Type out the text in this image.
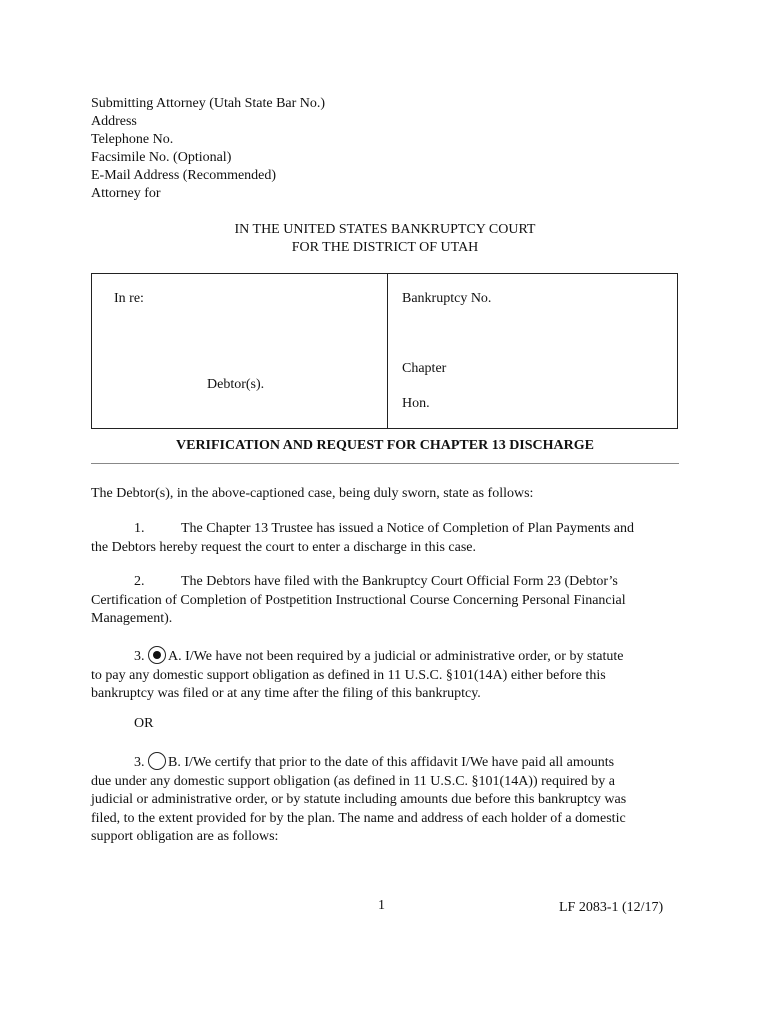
Submitting Attorney (Utah State Bar No.)
Address
Telephone No.
Facsimile No. (Optional)
E-Mail Address (Recommended)
Attorney for
IN THE UNITED STATES BANKRUPTCY COURT
FOR THE DISTRICT OF UTAH
In re:
Debtor(s).
Bankruptcy No.
Chapter
Hon.
VERIFICATION AND REQUEST FOR CHAPTER 13 DISCHARGE
The Debtor(s), in the above-captioned case, being duly sworn, state as follows:
1.	The Chapter 13 Trustee has issued a Notice of Completion of Plan Payments and
the Debtors hereby request the court to enter a discharge in this case.
2.	The Debtors have filed with the Bankruptcy Court Official Form 23 (Debtor’s
Certification of Completion of Postpetition Instructional Course Concerning Personal Financial
Management).
3. A. I/We have not been required by a judicial or administrative order, or by statute
to pay any domestic support obligation as defined in 11 U.S.C. §101(14A) either before this
bankruptcy was filed or at any time after the filing of this bankruptcy.
OR
3. B. I/We certify that prior to the date of this affidavit I/We have paid all amounts
due under any domestic support obligation (as defined in 11 U.S.C. §101(14A)) required by a
judicial or administrative order, or by statute including amounts due before this bankruptcy was
filed, to the extent provided for by the plan. The name and address of each holder of a domestic
support obligation are as follows:
1	LF 2083-1 (12/17)
